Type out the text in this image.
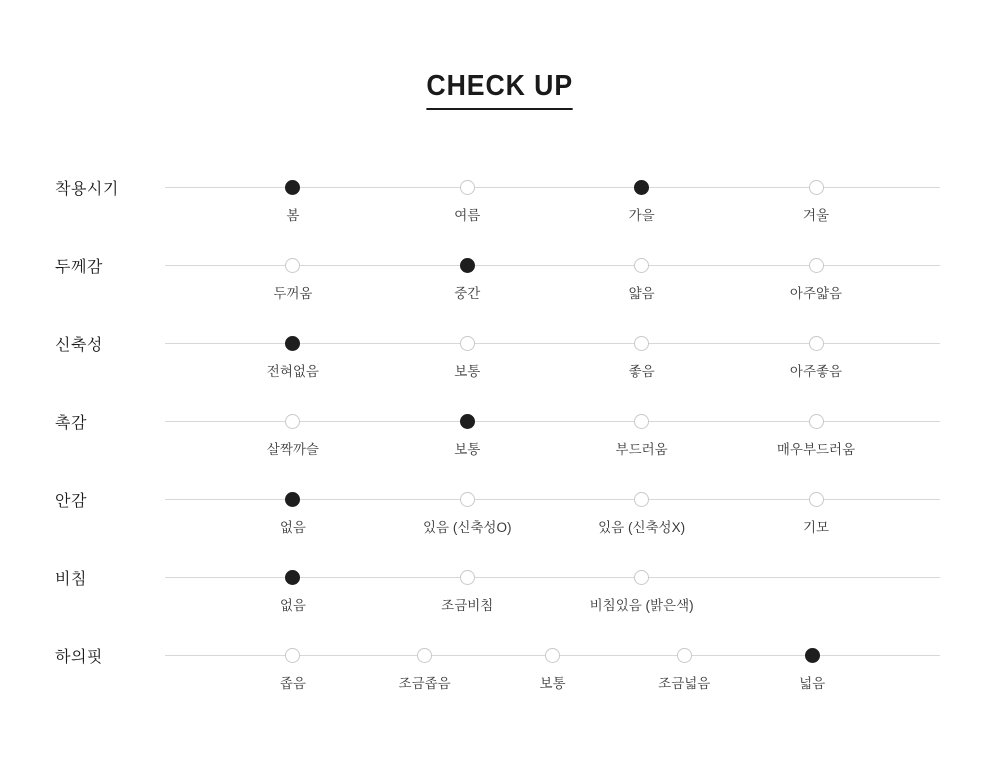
CHECK UP
착용시기
봄	여름	가을	겨울
두께감
두꺼움	중간	얇음	아주얇음
신축성
전혀없음	보통	좋음	아주좋음
촉감
살짝까슬	보통	부드러움	매우부드러움
안감
없음	있음 (신축성O)	있음 (신축성X)	기모
비침
없음	조금비침	비침있음 (밝은색)
하의핏
좁음	조금좁음	보통	조금넓음	넓음
